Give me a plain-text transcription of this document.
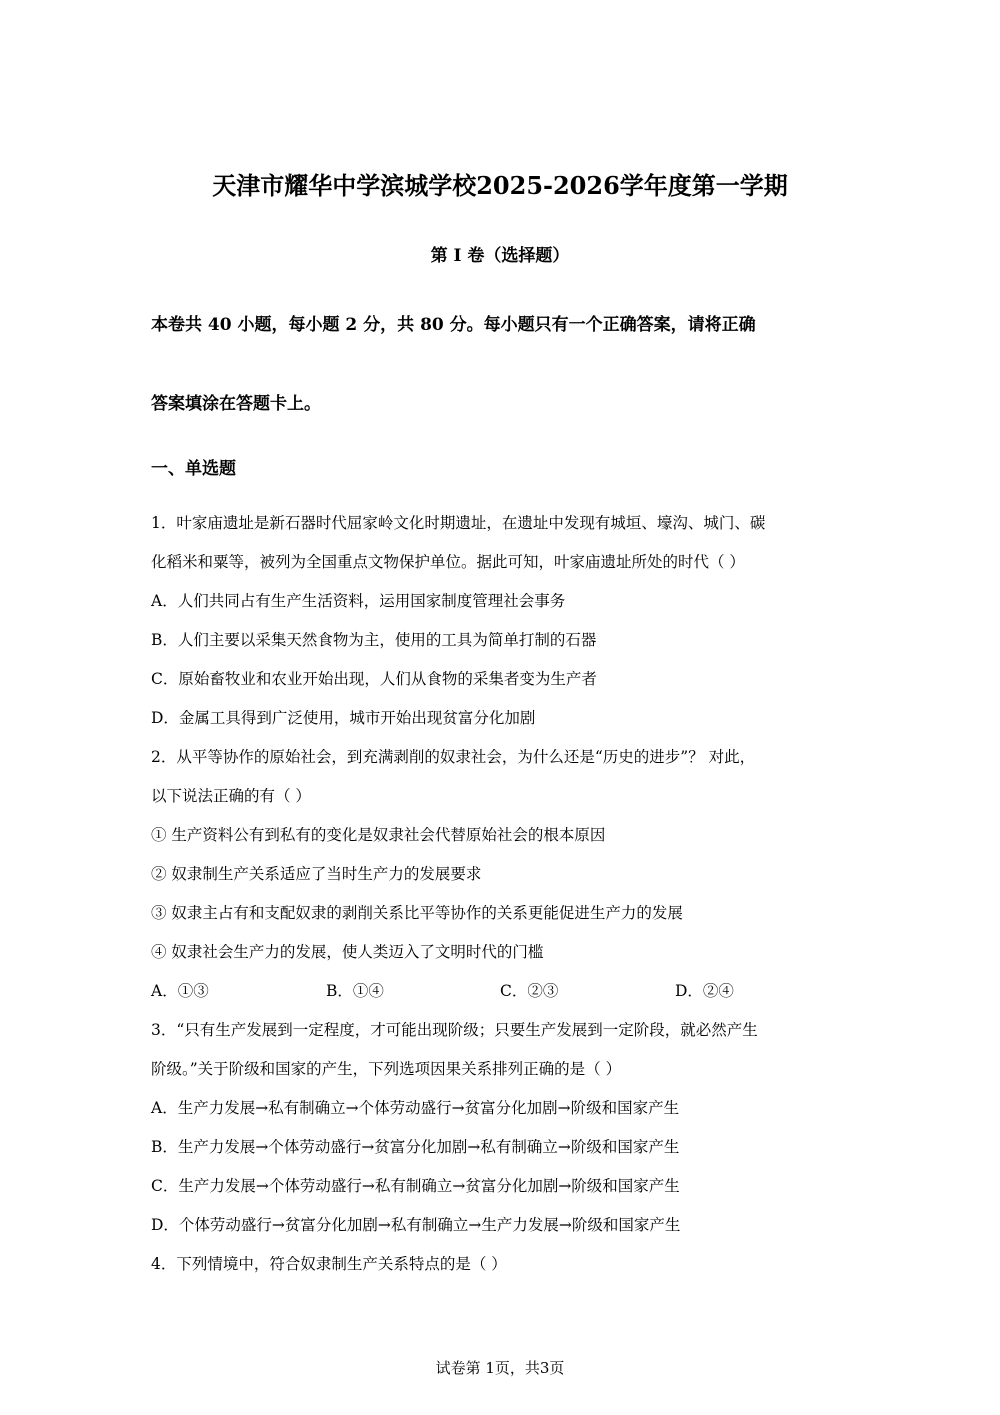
天津市耀华中学滨城学校2025-2026学年度第一学期
第 I 卷（选择题）
本卷共 40 小题，每小题 2 分，共 80 分。每小题只有一个正确答案，请将正确
答案填涂在答题卡上。
一、单选题
1．叶家庙遗址是新石器时代屈家岭文化时期遗址，在遗址中发现有城垣、壕沟、城门、碳
化稻米和粟等，被列为全国重点文物保护单位。据此可知，叶家庙遗址所处的时代（ ）
A．人们共同占有生产生活资料，运用国家制度管理社会事务
B．人们主要以采集天然食物为主，使用的工具为简单打制的石器
C．原始畜牧业和农业开始出现，人们从食物的采集者变为生产者
D．金属工具得到广泛使用，城市开始出现贫富分化加剧
2．从平等协作的原始社会，到充满剥削的奴隶社会，为什么还是“历史的进步”？ 对此，
以下说法正确的有（ ）
① 生产资料公有到私有的变化是奴隶社会代替原始社会的根本原因
② 奴隶制生产关系适应了当时生产力的发展要求
③ 奴隶主占有和支配奴隶的剥削关系比平等协作的关系更能促进生产力的发展
④ 奴隶社会生产力的发展，使人类迈入了文明时代的门槛
A．①③	B．①④	C．②③	D．②④
3．“只有生产发展到一定程度，才可能出现阶级；只要生产发展到一定阶段，就必然产生
阶级。”关于阶级和国家的产生，下列选项因果关系排列正确的是（ ）
A．生产力发展→私有制确立→个体劳动盛行→贫富分化加剧→阶级和国家产生
B．生产力发展→个体劳动盛行→贫富分化加剧→私有制确立→阶级和国家产生
C．生产力发展→个体劳动盛行→私有制确立→贫富分化加剧→阶级和国家产生
D．个体劳动盛行→贫富分化加剧→私有制确立→生产力发展→阶级和国家产生
4．下列情境中，符合奴隶制生产关系特点的是（ ）
试卷第 1页，共3页
